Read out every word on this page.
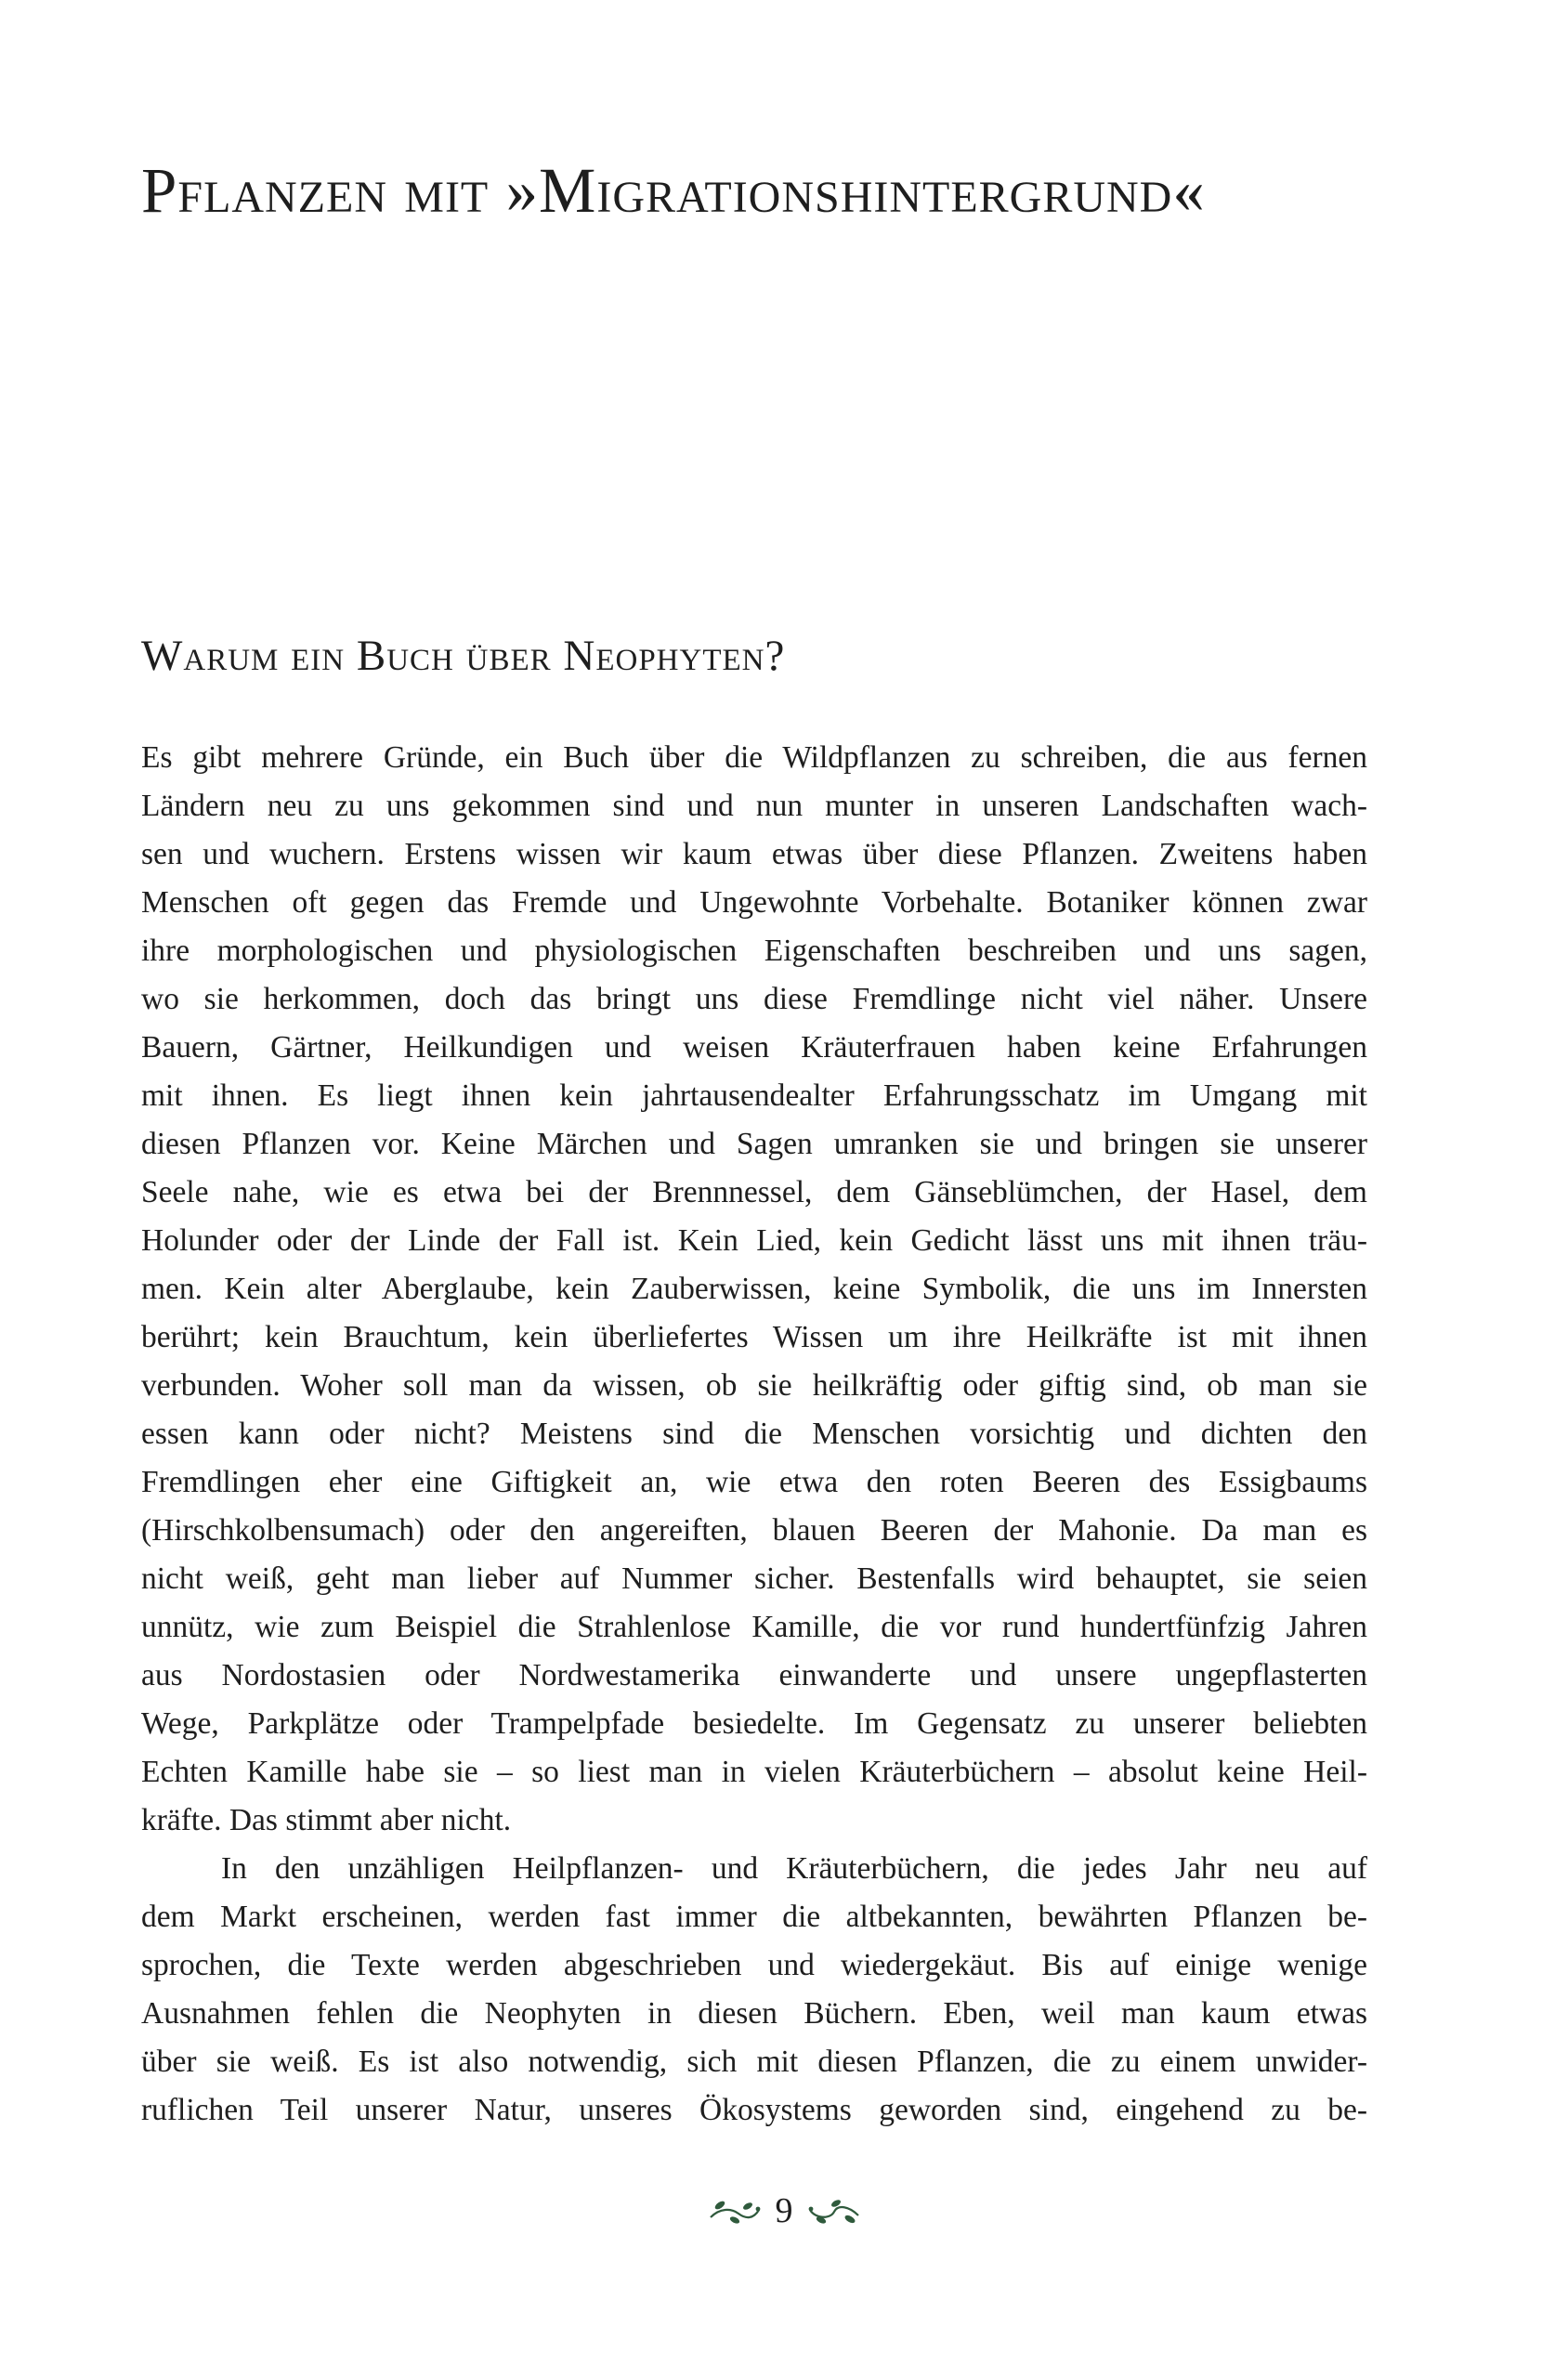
Pflanzen mit »Migrationshintergrund«
Warum ein Buch über Neophyten?
Es gibt mehrere Gründe, ein Buch über die Wildpflanzen zu schreiben, die aus fernen
Ländern neu zu uns gekommen sind und nun munter in unseren Landschaften wach-
sen und wuchern. Erstens wissen wir kaum etwas über diese Pflanzen. Zweitens haben
Menschen oft gegen das Fremde und Ungewohnte Vorbehalte. Botaniker können zwar
ihre morphologischen und physiologischen Eigenschaften beschreiben und uns sagen,
wo sie herkommen, doch das bringt uns diese Fremdlinge nicht viel näher. Unsere
Bauern, Gärtner, Heilkundigen und weisen Kräuterfrauen haben keine Erfahrungen
mit ihnen. Es liegt ihnen kein jahrtausendealter Erfahrungsschatz im Umgang mit
diesen Pflanzen vor. Keine Märchen und Sagen umranken sie und bringen sie unserer
Seele nahe, wie es etwa bei der Brennnessel, dem Gänseblümchen, der Hasel, dem
Holunder oder der Linde der Fall ist. Kein Lied, kein Gedicht lässt uns mit ihnen träu-
men. Kein alter Aberglaube, kein Zauberwissen, keine Symbolik, die uns im Innersten
berührt; kein Brauchtum, kein überliefertes Wissen um ihre Heilkräfte ist mit ihnen
verbunden. Woher soll man da wissen, ob sie heilkräftig oder giftig sind, ob man sie
essen kann oder nicht? Meistens sind die Menschen vorsichtig und dichten den
Fremdlingen eher eine Giftigkeit an, wie etwa den roten Beeren des Essigbaums
(Hirschkolbensumach) oder den angereiften, blauen Beeren der Mahonie. Da man es
nicht weiß, geht man lieber auf Nummer sicher. Bestenfalls wird behauptet, sie seien
unnütz, wie zum Beispiel die Strahlenlose Kamille, die vor rund hundertfünfzig Jahren
aus Nordostasien oder Nordwestamerika einwanderte und unsere ungepflasterten
Wege, Parkplätze oder Trampelpfade besiedelte. Im Gegensatz zu unserer beliebten
Echten Kamille habe sie – so liest man in vielen Kräuterbüchern – absolut keine Heil-
kräfte. Das stimmt aber nicht.
In den unzähligen Heilpflanzen- und Kräuterbüchern, die jedes Jahr neu auf
dem Markt erscheinen, werden fast immer die altbekannten, bewährten Pflanzen be-
sprochen, die Texte werden abgeschrieben und wiedergekäut. Bis auf einige wenige
Ausnahmen fehlen die Neophyten in diesen Büchern. Eben, weil man kaum etwas
über sie weiß. Es ist also notwendig, sich mit diesen Pflanzen, die zu einem unwider-
ruflichen Teil unserer Natur, unseres Ökosystems geworden sind, eingehend zu be-
9
